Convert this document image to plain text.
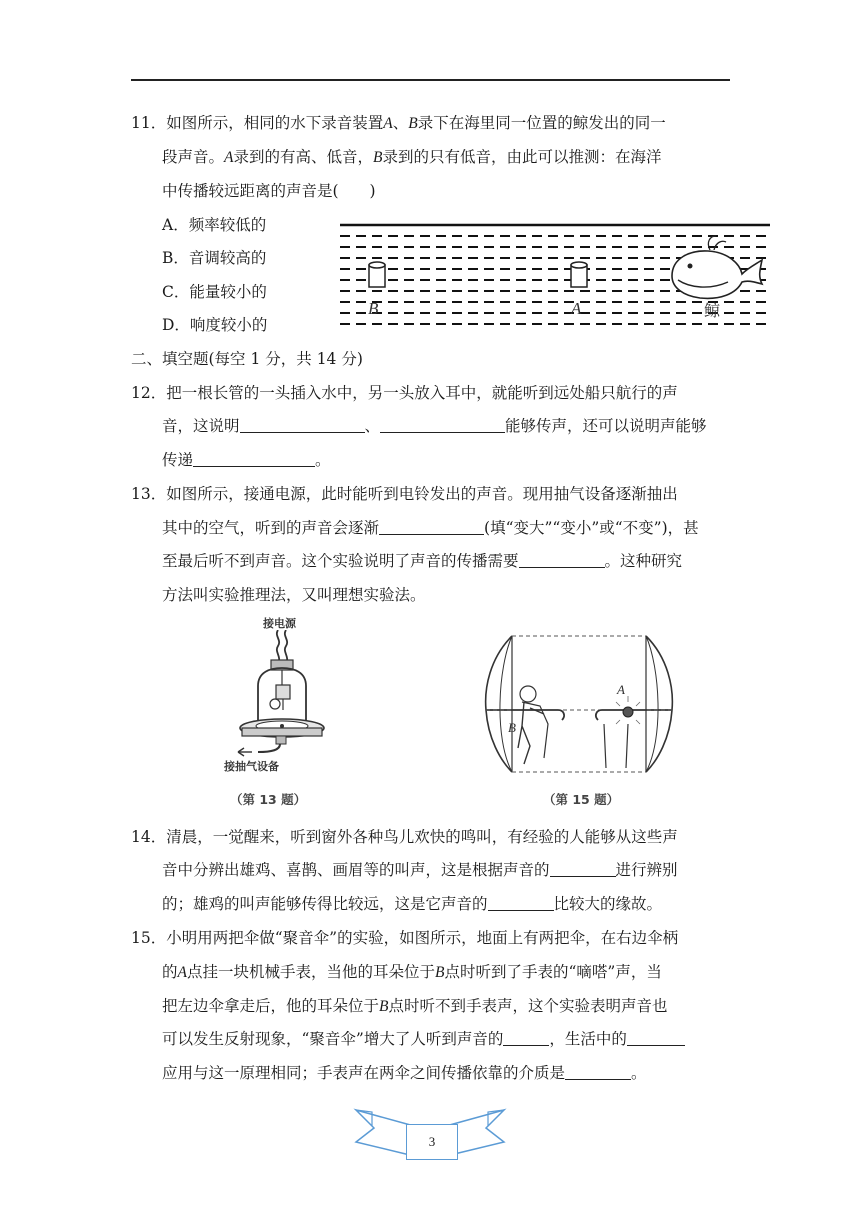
11．如图所示，相同的水下录音装置A、B录下在海里同一位置的鲸发出的同一
段声音。A录到的有高、低音，B录到的只有低音，由此可以推测：在海洋
中传播较远距离的声音是(　　)
A．频率较低的
B．音调较高的
C．能量较小的
D．响度较小的
B	A	鲸
二、填空题(每空 1 分，共 14 分)
12．把一根长管的一头插入水中，另一头放入耳中，就能听到远处船只航行的声
音，这说明	、	能够传声，还可以说明声能够
传递	。
13．如图所示，接通电源，此时能听到电铃发出的声音。现用抽气设备逐渐抽出
其中的空气，听到的声音会逐渐	(填“变大”“变小”或“不变”)，甚
至最后听不到声音。这个实验说明了声音的传播需要	。这种研究
方法叫实验推理法，又叫理想实验法。
接电源
接抽气设备
（第 13 题）
A
B
（第 15 题）
14．清晨，一觉醒来，听到窗外各种鸟儿欢快的鸣叫，有经验的人能够从这些声
音中分辨出雄鸡、喜鹊、画眉等的叫声，这是根据声音的	进行辨别
的；雄鸡的叫声能够传得比较远，这是它声音的	比较大的缘故。
15．小明用两把伞做“聚音伞”的实验，如图所示，地面上有两把伞，在右边伞柄
的A点挂一块机械手表，当他的耳朵位于B点时听到了手表的“嘀嗒”声，当
把左边伞拿走后，他的耳朵位于B点时听不到手表声，这个实验表明声音也
可以发生反射现象，“聚音伞”增大了人听到声音的	，生活中的
应用与这一原理相同；手表声在两伞之间传播依靠的介质是	。
3
